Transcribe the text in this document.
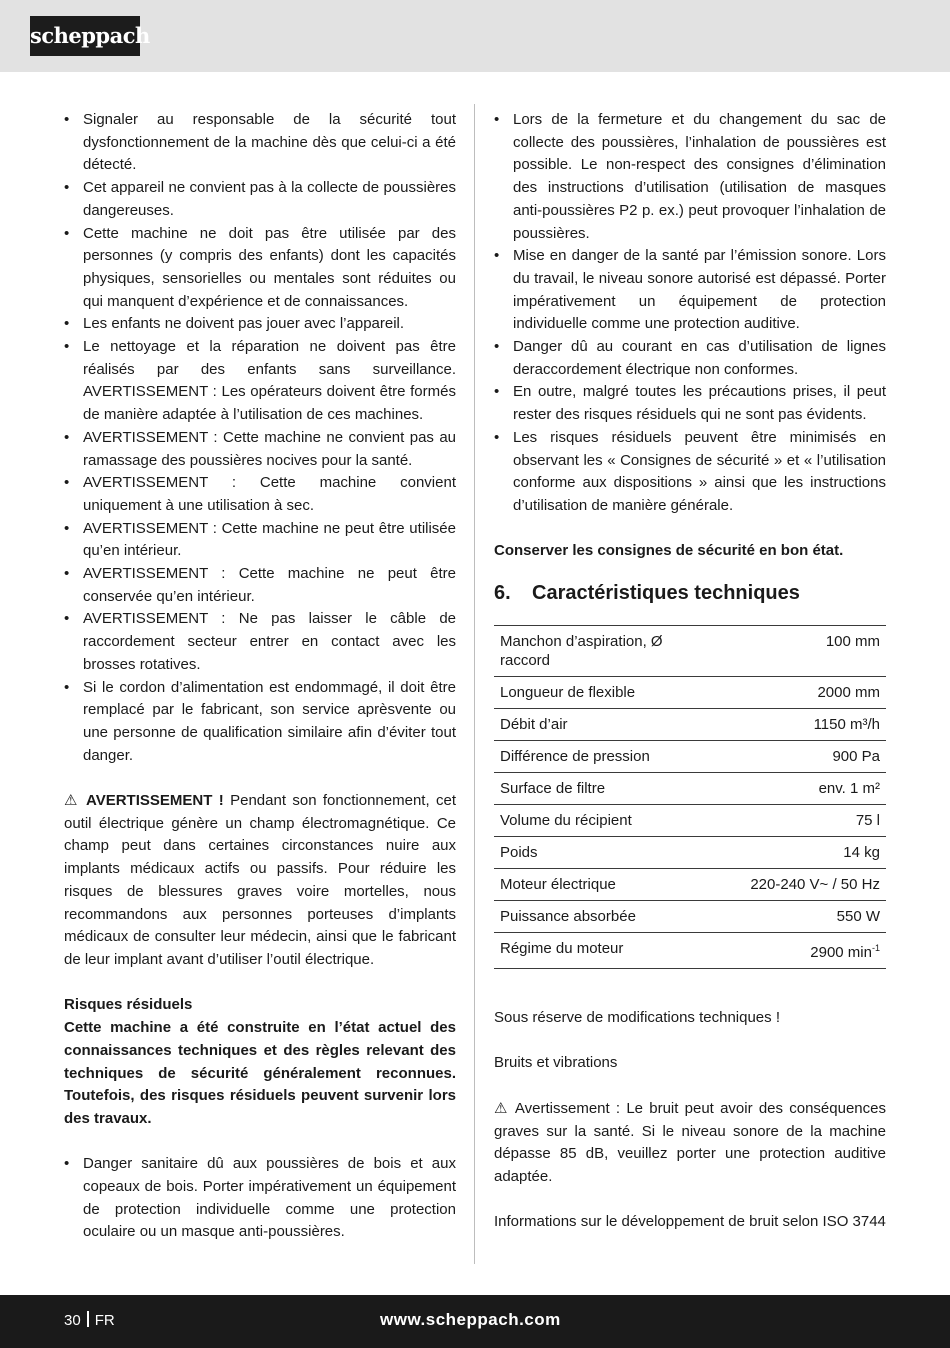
scheppach
• Signaler au responsable de la sécurité tout dysfonctionnement de la machine dès que celui-ci a été détecté.
• Cet appareil ne convient pas à la collecte de poussières dangereuses.
• Cette machine ne doit pas être utilisée par des personnes (y compris des enfants) dont les capacités physiques, sensorielles ou mentales sont réduites ou qui manquent d’expérience et de connaissances.
• Les enfants ne doivent pas jouer avec l’appareil.
• Le nettoyage et la réparation ne doivent pas être réalisés par des enfants sans surveillance. AVERTISSEMENT : Les opérateurs doivent être formés de manière adaptée à l’utilisation de ces machines.
• AVERTISSEMENT : Cette machine ne convient pas au ramassage des poussières nocives pour la santé.
• AVERTISSEMENT : Cette machine convient uniquement à une utilisation à sec.
• AVERTISSEMENT : Cette machine ne peut être utilisée qu’en intérieur.
• AVERTISSEMENT : Cette machine ne peut être conservée qu’en intérieur.
• AVERTISSEMENT : Ne pas laisser le câble de raccordement secteur entrer en contact avec les brosses rotatives.
• Si le cordon d’alimentation est endommagé, il doit être remplacé par le fabricant, son service aprèsvente ou une personne de qualification similaire afin d’éviter tout danger.

⚠ AVERTISSEMENT ! Pendant son fonctionnement, cet outil électrique génère un champ électromagnétique. Ce champ peut dans certaines circonstances nuire aux implants médicaux actifs ou passifs. Pour réduire les risques de blessures graves voire mortelles, nous recommandons aux personnes porteuses d’implants médicaux de consulter leur médecin, ainsi que le fabricant de leur implant avant d’utiliser l’outil électrique.

Risques résiduels

Cette machine a été construite en l’état actuel des connaissances techniques et des règles relevant des techniques de sécurité généralement reconnues. Toutefois, des risques résiduels peuvent survenir lors des travaux.

• Danger sanitaire dû aux poussières de bois et aux copeaux de bois. Porter impérativement un équipement de protection individuelle comme une protection oculaire ou un masque anti-poussières.
• Lors de la fermeture et du changement du sac de collecte des poussières, l’inhalation de poussières est possible. Le non-respect des consignes d’élimination des instructions d’utilisation (utilisation de masques anti-poussières P2 p. ex.) peut provoquer l’inhalation de poussières.
• Mise en danger de la santé par l’émission sonore. Lors du travail, le niveau sonore autorisé est dépassé. Porter impérativement un équipement de protection individuelle comme une protection auditive.
• Danger dû au courant en cas d’utilisation de lignes deraccordement électrique non conformes.
• En outre, malgré toutes les précautions prises, il peut rester des risques résiduels qui ne sont pas évidents.
• Les risques résiduels peuvent être minimisés en observant les « Consignes de sécurité » et « l’utilisation conforme aux dispositions » ainsi que les instructions d’utilisation de manière générale.

Conserver les consignes de sécurité en bon état.

6. Caractéristiques techniques
Manchon d’aspiration, Ø raccord	100 mm
Longueur de flexible	2000 mm
Débit d’air	1150 m³/h
Différence de pression	900 Pa
Surface de filtre	env. 1 m²
Volume du récipient	75 l
Poids	14 kg
Moteur électrique	220-240 V~ / 50 Hz
Puissance absorbée	550 W
Régime du moteur	2900 $\min^{-1}$

Sous réserve de modifications techniques !

Bruits et vibrations

⚠ Avertissement : Le bruit peut avoir des conséquences graves sur la santé. Si le niveau sonore de la machine dépasse 85 dB, veuillez porter une protection auditive adaptée.

Informations sur le développement de bruit selon ISO 3744

30 FR	www.scheppach.com
